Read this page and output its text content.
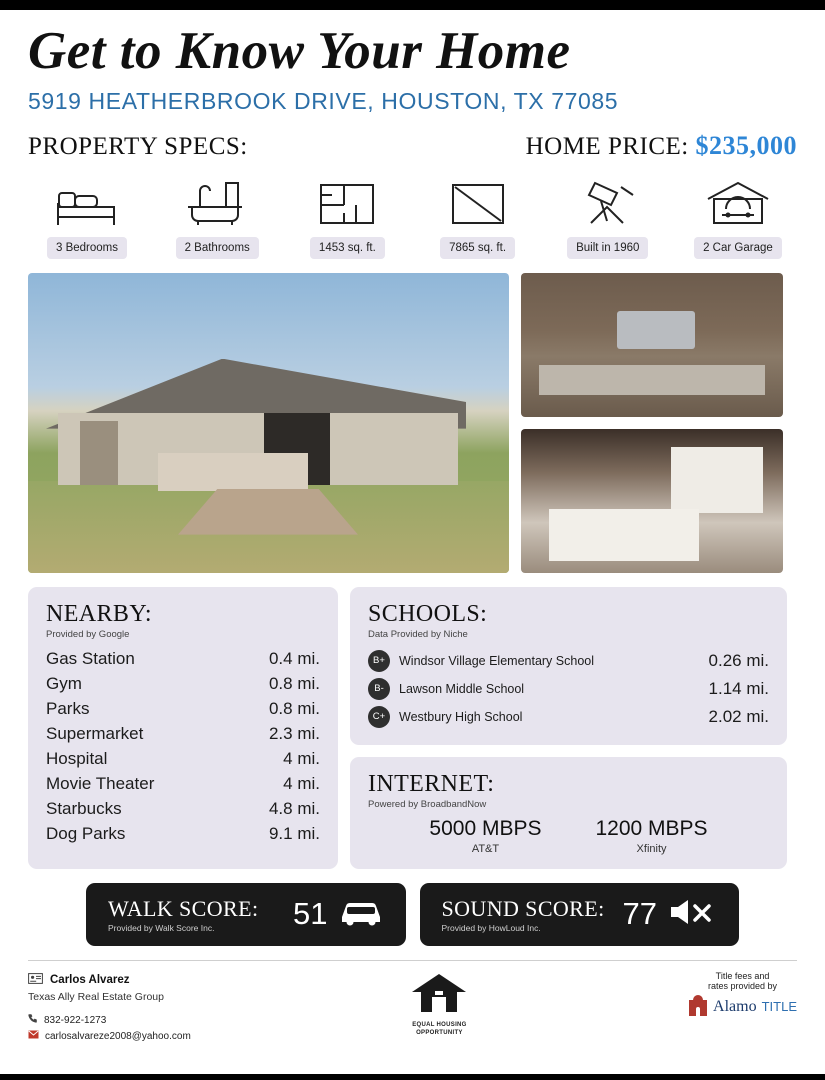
Get to Know Your Home
5919 HEATHERBROOK DRIVE, HOUSTON, TX 77085
PROPERTY SPECS:	HOME PRICE: $235,000
3 Bedrooms	2 Bathrooms	1453 sq. ft.	7865 sq. ft.	Built in 1960	2 Car Garage
NEARBY:
Provided by Google
Gas Station	0.4 mi.
Gym	0.8 mi.
Parks	0.8 mi.
Supermarket	2.3 mi.
Hospital	4 mi.
Movie Theater	4 mi.
Starbucks	4.8 mi.
Dog Parks	9.1 mi.
SCHOOLS:
Data Provided by Niche
B+	Windsor Village Elementary School	0.26 mi.
B-	Lawson Middle School	1.14 mi.
C+	Westbury High School	2.02 mi.
INTERNET:
Powered by BroadbandNow
5000 MBPS
AT&T
1200 MBPS
Xfinity
WALK SCORE:
Provided by Walk Score Inc.	51	SOUND SCORE:
Provided by HowLoud Inc.	77
Carlos Alvarez
Texas Ally Real Estate Group
832-922-1273
carlosalvareze2008@yahoo.com
EQUAL HOUSING
OPPORTUNITY
Title fees and
rates provided by
Alamo TITLE
